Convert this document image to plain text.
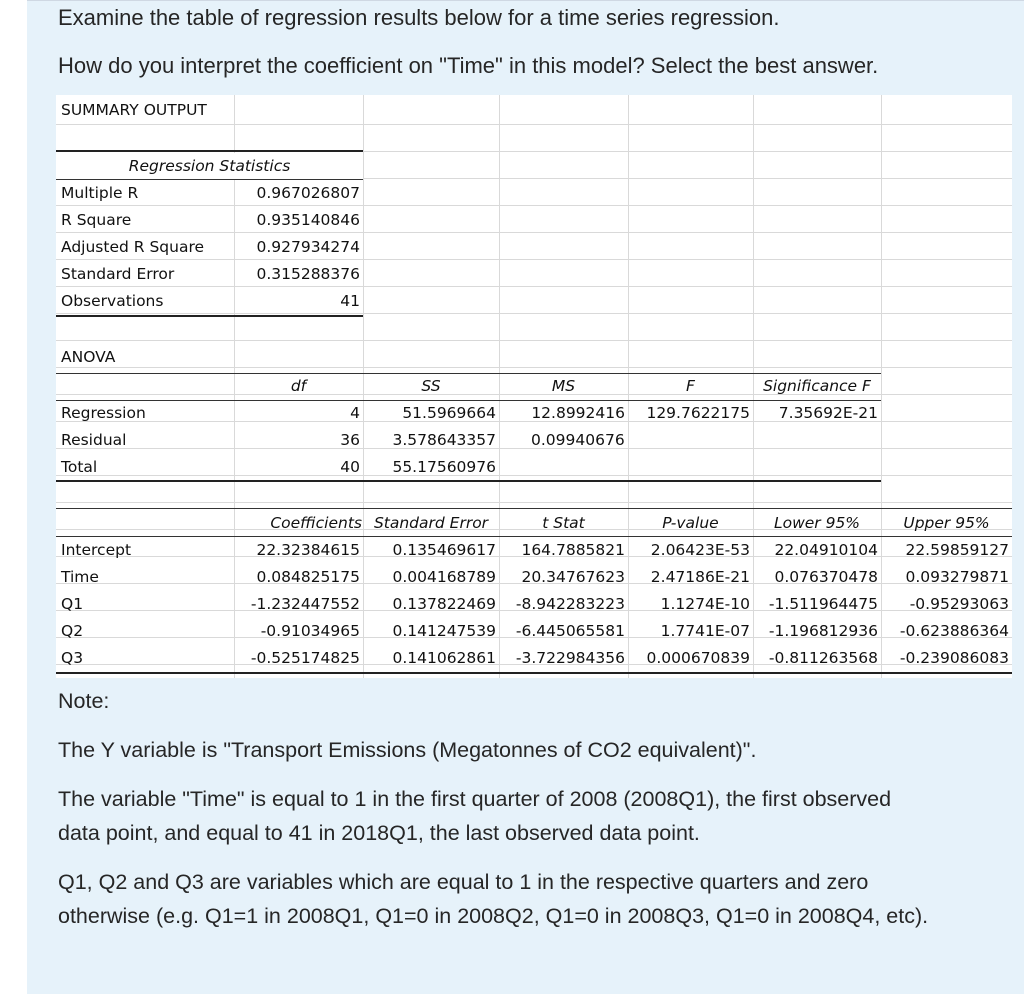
Examine the table of regression results below for a time series regression.
How do you interpret the coefficient on "Time" in this model? Select the best answer.
SUMMARY OUTPUT
Regression Statistics
Multiple R	0.967026807
R Square	0.935140846
Adjusted R Square	0.927934274
Standard Error	0.315288376
Observations	41
ANOVA
df	SS	MS	F	Significance F
Regression	4	51.5969664	12.8992416	129.7622175	7.35692E-21
Residual	36	3.578643357 0.09940676
Total	40	55.17560976
Coefficients Standard Error	t Stat	P-value	Lower 95%	Upper 95%
Intercept	22.32384615	0.135469617	164.7885821	2.06423E-53	22.04910104	22.59859127
Time	0.084825175	0.004168789	20.34767623	2.47186E-21	0.076370478	0.093279871
Q1	-1.232447552	0.137822469	-8.942283223	1.1274E-10	-1.511964475	-0.95293063
Q2	-0.91034965	0.141247539	-6.445065581	1.7741E-07	-1.196812936	-0.623886364
Q3	-0.525174825	0.141062861	-3.722984356	0.000670839	-0.811263568	-0.239086083
Note:
The Y variable is "Transport Emissions (Megatonnes of CO2 equivalent)".
The variable "Time" is equal to 1 in the first quarter of 2008 (2008Q1), the first observed
data point, and equal to 41 in 2018Q1, the last observed data point.
Q1, Q2 and Q3 are variables which are equal to 1 in the respective quarters and zero
otherwise (e.g. Q1=1 in 2008Q1, Q1=0 in 2008Q2, Q1=0 in 2008Q3, Q1=0 in 2008Q4, etc).
